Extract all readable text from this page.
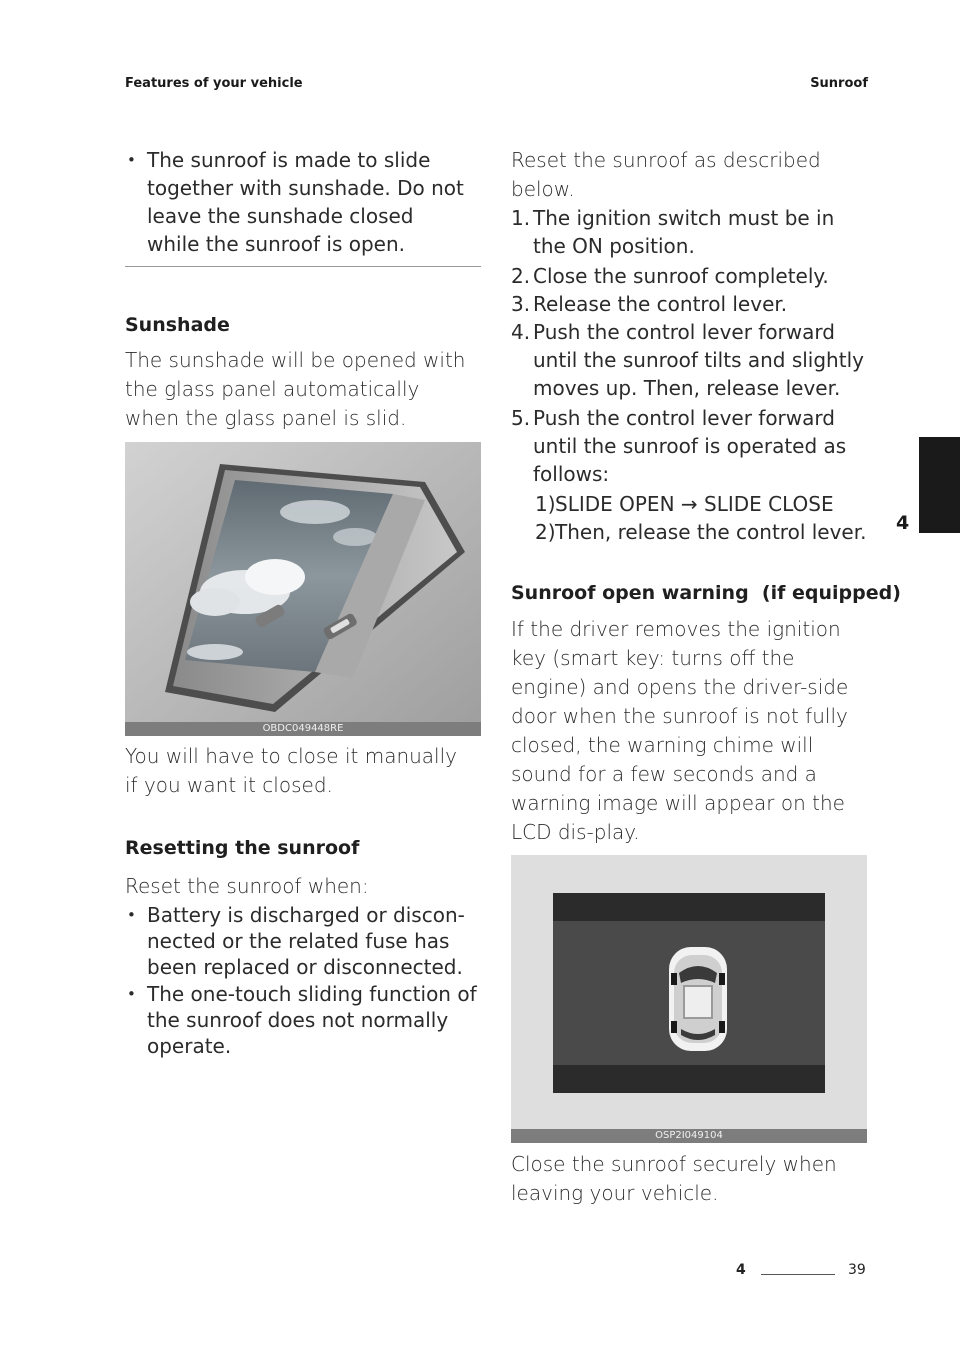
Features of your vehicle	Sunroof
• The sunroof is made to slide together with sunshade. Do not leave the sunshade closed while the sunroof is open.
Sunshade
The sunshade will be opened with the glass panel automatically when the glass panel is slid.
OBDC049448RE
You will have to close it manually if you want it closed.
Resetting the sunroof
Reset the sunroof when:
• Battery is discharged or discon-nected or the related fuse has been replaced or disconnected.
• The one-touch sliding function of the sunroof does not normally operate.
Reset the sunroof as described below.
1. The ignition switch must be in the ON position.
2. Close the sunroof completely.
3. Release the control lever.
4. Push the control lever forward until the sunroof tilts and slightly moves up. Then, release lever.
5. Push the control lever forward until the sunroof is operated as follows:
1) SLIDE OPEN → SLIDE CLOSE
2) Then, release the control lever.
Sunroof open warning  (if equipped)
If the driver removes the ignition key (smart key: turns off the engine) and opens the driver-side door when the sunroof is not fully closed, the warning chime will sound for a few seconds and a warning image will appear on the LCD dis-play.
OSP2I049104
Close the sunroof securely when leaving your vehicle.
4
4	39
